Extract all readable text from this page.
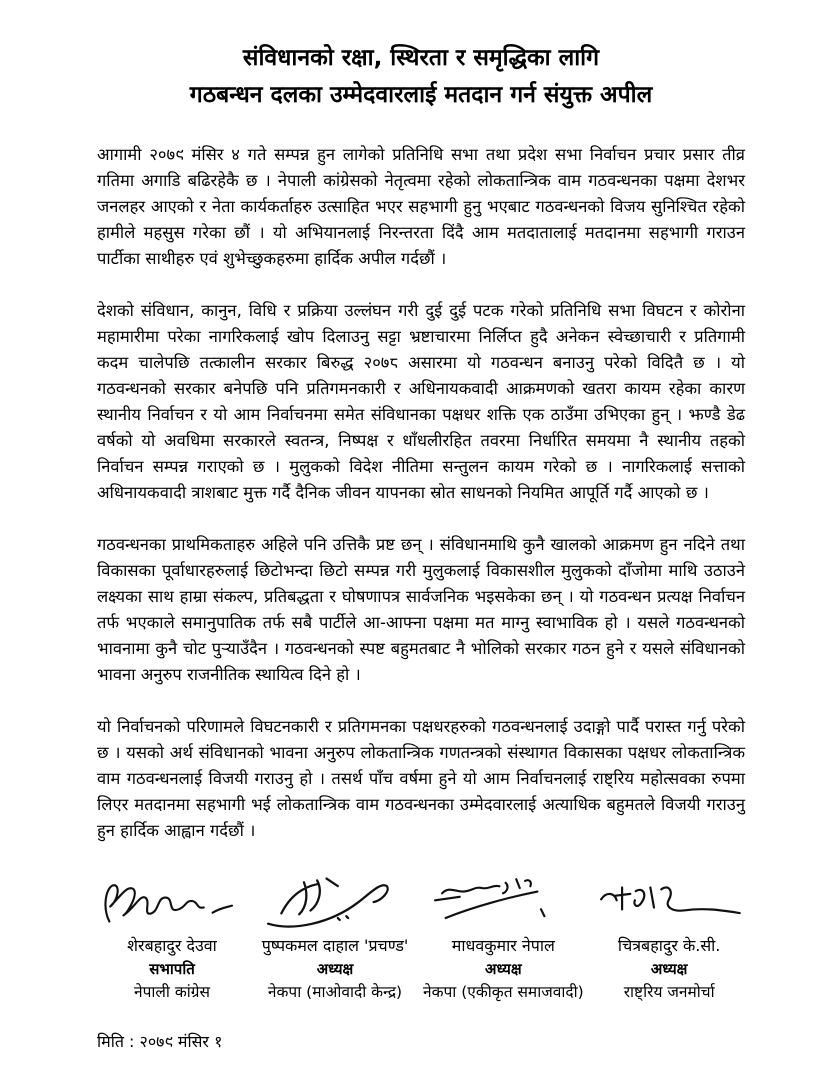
संविधानको रक्षा, स्थिरता र समृद्धिका लागि
गठबन्धन दलका उम्मेदवारलाई मतदान गर्न संयुक्त अपील

आगामी २०७९ मंसिर ४ गते सम्पन्न हुन लागेको प्रतिनिधि सभा तथा प्रदेश सभा निर्वाचन प्रचार प्रसार तीव्र गतिमा अगाडि बढिरहेकै छ । नेपाली कांग्रेसको नेतृत्वमा रहेको लोकतान्त्रिक वाम गठवन्धनका पक्षमा देशभर जनलहर आएको र नेता कार्यकर्ताहरु उत्साहित भएर सहभागी हुनु भएबाट गठवन्धनको विजय सुनिश्चित रहेको हामीले महसुस गरेका छौं । यो अभियानलाई निरन्तरता दिंदै आम मतदातालाई मतदानमा सहभागी गराउन पार्टीका साथीहरु एवं शुभेच्छुकहरुमा हार्दिक अपील गर्दछौं ।

देशको संविधान, कानुन, विधि र प्रक्रिया उल्लंघन गरी दुई दुई पटक गरेको प्रतिनिधि सभा विघटन र कोरोना महामारीमा परेका नागरिकलाई खोप दिलाउनु सट्टा भ्रष्टाचारमा निर्लिप्त हुदै अनेकन स्वेच्छाचारी र प्रतिगामी कदम चालेपछि तत्कालीन सरकार बिरुद्ध २०७८ असारमा यो गठवन्धन बनाउनु परेको विदितै छ । यो गठवन्धनको सरकार बनेपछि पनि प्रतिगमनकारी र अधिनायकवादी आक्रमणको खतरा कायम रहेका कारण स्थानीय निर्वाचन र यो आम निर्वाचनमा समेत संविधानका पक्षधर शक्ति एक ठाउँमा उभिएका हुन् । झण्डै डेढ वर्षको यो अवधिमा सरकारले स्वतन्त्र, निष्पक्ष र धाँधलीरहित तवरमा निर्धारित समयमा नै स्थानीय तहको निर्वाचन सम्पन्न गराएको छ । मुलुकको विदेश नीतिमा सन्तुलन कायम गरेको छ । नागरिकलाई सत्ताको अधिनायकवादी त्राशबाट मुक्त गर्दै दैनिक जीवन यापनका स्रोत साधनको नियमित आपूर्ति गर्दै आएको छ ।

गठवन्धनका प्राथमिकताहरु अहिले पनि उत्तिकै प्रष्ट छन् । संविधानमाथि कुनै खालको आक्रमण हुन नदिने तथा विकासका पूर्वाधारहरुलाई छिटोभन्दा छिटो सम्पन्न गरी मुलुकलाई विकासशील मुलुकको दाँजोमा माथि उठाउने लक्ष्यका साथ हाम्रा संकल्प, प्रतिबद्धता र घोषणापत्र सार्वजनिक भइसकेका छन् । यो गठवन्धन प्रत्यक्ष निर्वाचन तर्फ भएकाले समानुपातिक तर्फ सबै पार्टीले आ-आफ्ना पक्षमा मत माग्नु स्वाभाविक हो । यसले गठवन्धनको भावनामा कुनै चोट पुऱ्याउँदैन । गठवन्धनको स्पष्ट बहुमतबाट नै भोलिको सरकार गठन हुने र यसले संविधानको भावना अनुरुप राजनीतिक स्थायित्व दिने हो ।

यो निर्वाचनको परिणामले विघटनकारी र प्रतिगमनका पक्षधरहरुको गठवन्धनलाई उदाङ्गो पार्दै परास्त गर्नु परेको छ । यसको अर्थ संविधानको भावना अनुरुप लोकतान्त्रिक गणतन्त्रको संस्थागत विकासका पक्षधर लोकतान्त्रिक वाम गठवन्धनलाई विजयी गराउनु हो । तसर्थ पाँच वर्षमा हुने यो आम निर्वाचनलाई राष्ट्रिय महोत्सवका रुपमा लिएर मतदानमा सहभागी भई लोकतान्त्रिक वाम गठवन्धनका उम्मेदवारलाई अत्याधिक बहुमतले विजयी गराउनु हुन हार्दिक आह्वान गर्दछौं ।

शेरबहादुर देउवा
सभापति
नेपाली कांग्रेस
पुष्पकमल दाहाल 'प्रचण्ड'
अध्यक्ष
नेकपा (माओवादी केन्द्र)
माधवकुमार नेपाल
अध्यक्ष
नेकपा (एकीकृत समाजवादी)
चित्रबहादुर के.सी.
अध्यक्ष
राष्ट्रिय जनमोर्चा
मिति : २०७९ मंसिर १
